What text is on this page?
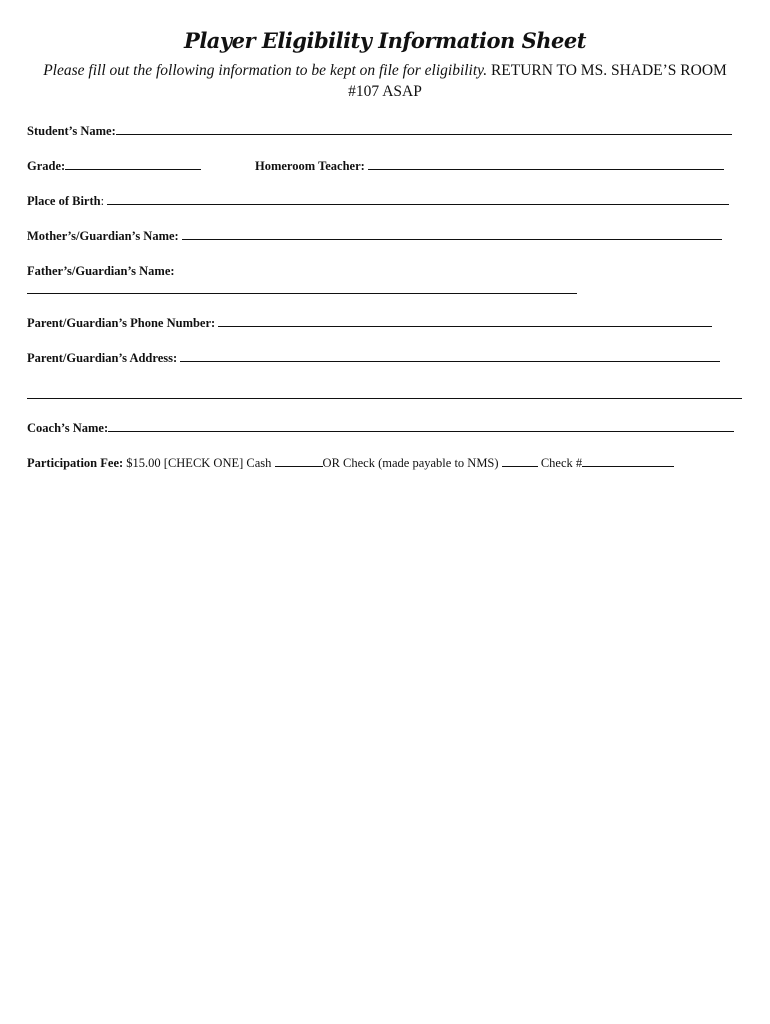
Player Eligibility Information Sheet
Please fill out the following information to be kept on file for eligibility. RETURN TO MS. SHADE’S ROOM #107 ASAP
Student’s Name:
Grade:	Homeroom Teacher:
Place of Birth:
Mother’s/Guardian’s Name:
Father’s/Guardian’s Name:
Parent/Guardian’s Phone Number:
Parent/Guardian’s Address:
Coach’s Name:
Participation Fee: $15.00 [CHECK ONE] Cash	OR Check (made payable to NMS)	Check #
